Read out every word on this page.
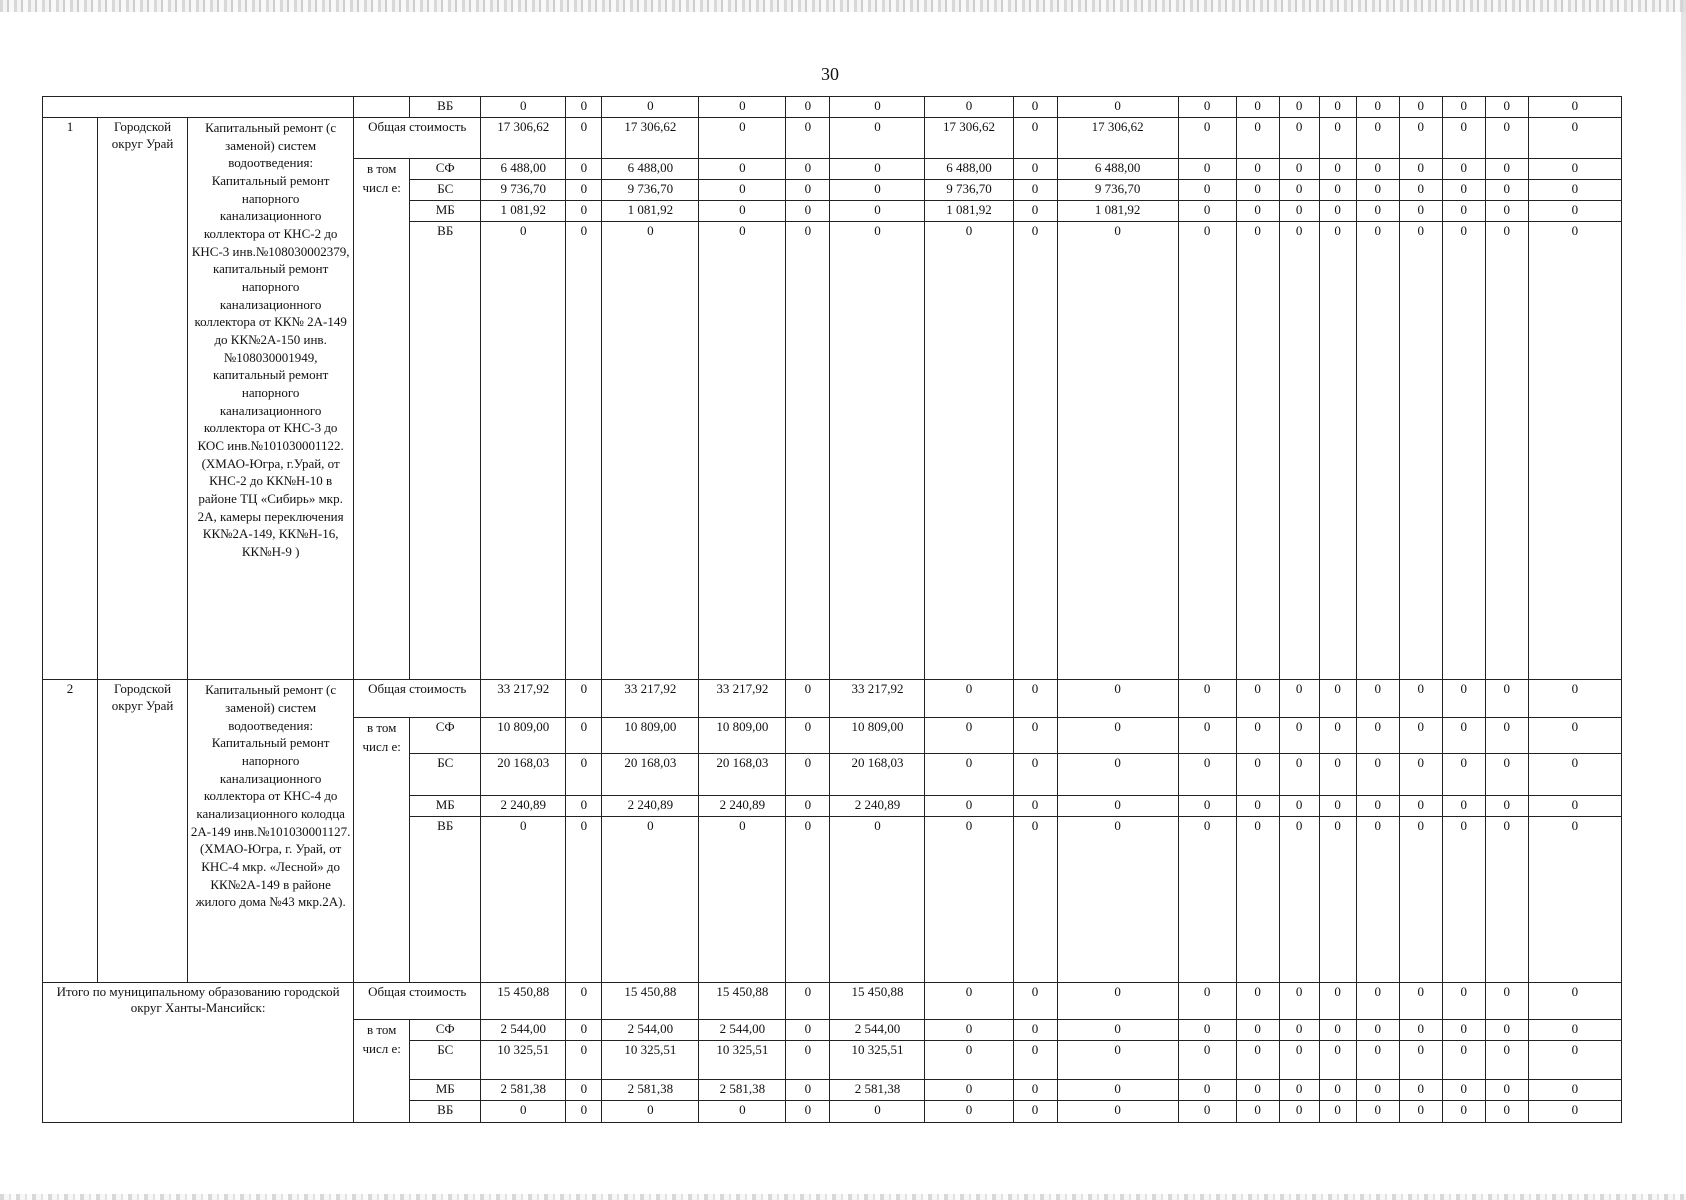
30
				ВБ	0	0	0	0	0	0	0	0	0	0	0	0	0	0	0	0	0	0
1	Городской округ Урай	Капитальный ремонт (с заменой) систем водоотведения: Капитальный ремонт напорного канализационного коллектора от КНС-2 до КНС-3 инв.№108030002379, капитальный ремонт напорного канализационного коллектора от КК№ 2А-149 до КК№2А-150 инв.№108030001949, капитальный ремонт напорного канализационного коллектора от КНС-3 до КОС инв.№101030001122. (ХМАО-Югра, г.Урай, от КНС-2 до КК№Н-10 в районе ТЦ «Сибирь» мкр. 2А, камеры переключения КК№2А-149, КК№Н-16, КК№Н-9 )	Общая стоимость		17 306,62	0	17 306,62	0	0	0	17 306,62	0	17 306,62	0	0	0	0	0	0	0	0	0
			в том числ е:	СФ	6 488,00	0	6 488,00	0	0	0	6 488,00	0	6 488,00	0	0	0	0	0	0	0	0	0
				БС	9 736,70	0	9 736,70	0	0	0	9 736,70	0	9 736,70	0	0	0	0	0	0	0	0	0
				МБ	1 081,92	0	1 081,92	0	0	0	1 081,92	0	1 081,92	0	0	0	0	0	0	0	0	0
				ВБ	0	0	0	0	0	0	0	0	0	0	0	0	0	0	0	0	0	0
2	Городской округ Урай	Капитальный ремонт (с заменой) систем водоотведения: Капитальный ремонт напорного канализационного коллектора от КНС-4 до канализационного колодца 2А-149 инв.№101030001127. (ХМАО-Югра, г. Урай, от КНС-4 мкр. «Лесной» до КК№2А-149 в районе жилого дома №43 мкр.2А).	Общая стоимость		33 217,92	0	33 217,92	33 217,92	0	33 217,92	0	0	0	0	0	0	0	0	0	0	0	0
			в том числ е:	СФ	10 809,00	0	10 809,00	10 809,00	0	10 809,00	0	0	0	0	0	0	0	0	0	0	0	0
				БС	20 168,03	0	20 168,03	20 168,03	0	20 168,03	0	0	0	0	0	0	0	0	0	0	0	0
				МБ	2 240,89	0	2 240,89	2 240,89	0	2 240,89	0	0	0	0	0	0	0	0	0	0	0	0
				ВБ	0	0	0	0	0	0	0	0	0	0	0	0	0	0	0	0	0	0
Итого по муниципальному образованию городской округ Ханты-Мансийск:			Общая стоимость		15 450,88	0	15 450,88	15 450,88	0	15 450,88	0	0	0	0	0	0	0	0	0	0	0	0
			в том числ е:	СФ	2 544,00	0	2 544,00	2 544,00	0	2 544,00	0	0	0	0	0	0	0	0	0	0	0	0
				БС	10 325,51	0	10 325,51	10 325,51	0	10 325,51	0	0	0	0	0	0	0	0	0	0	0	0
				МБ	2 581,38	0	2 581,38	2 581,38	0	2 581,38	0	0	0	0	0	0	0	0	0	0	0	0
				ВБ	0	0	0	0	0	0	0	0	0	0	0	0	0	0	0	0	0	0
